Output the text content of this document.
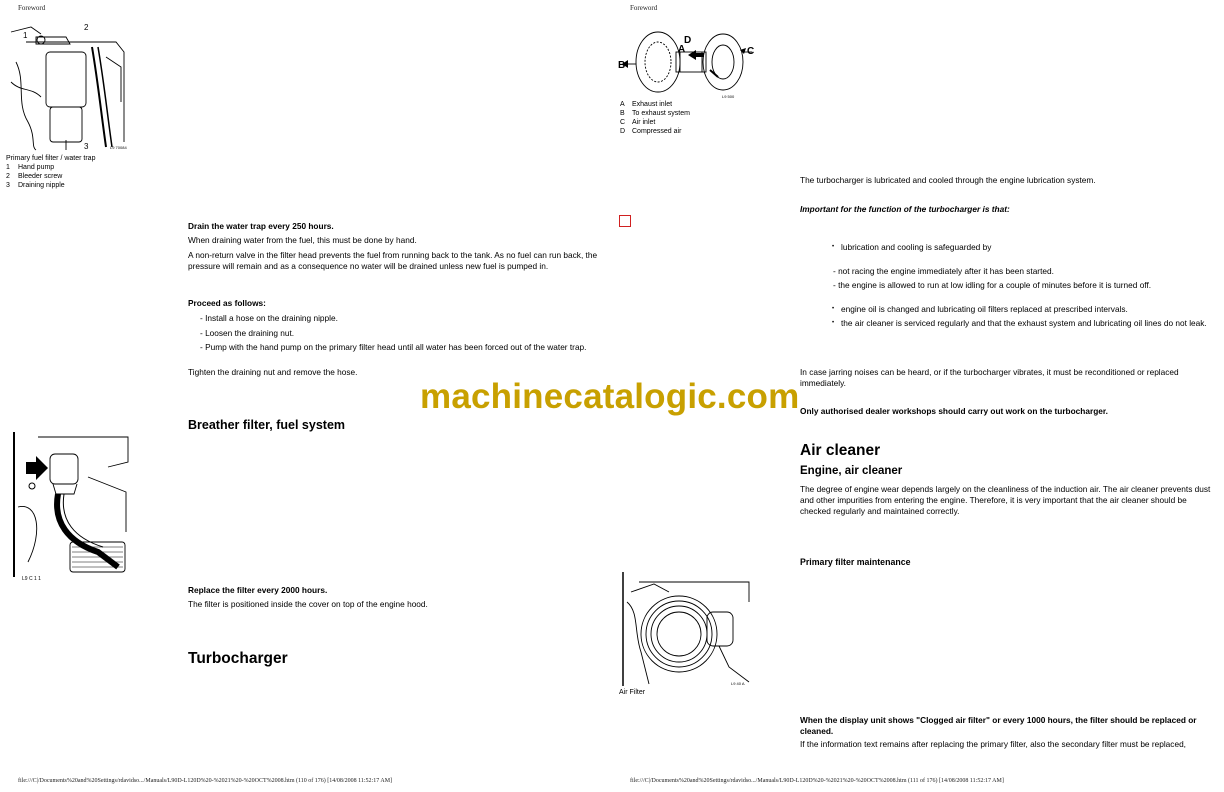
Foreword
1
2
3	L9 70084
Primary fuel filter / water trap
1 Hand pump
2 Bleeder screw
3 Draining nipple
Drain the water trap every 250 hours.
When draining water from the fuel, this must be done by hand.
A non-return valve in the filter head prevents the fuel from running back to the tank. As no fuel can run back, the pressure will remain and as a consequence no water will be drained unless new fuel is pumped in.
Proceed as follows:
- Install a hose on the draining nipple.
- Loosen the draining nut.
- Pump with the hand pump on the primary filter head until all water has been forced out of the water trap.
Tighten the draining nut and remove the hose.
Breather filter, fuel system
L9 C 1 1
Replace the filter every 2000 hours.
The filter is positioned inside the cover on top of the engine hood.
Turbocharger
file:///C|/Documents%20and%20Settings/rdavidso.../Manuals/L90D-L120D%20-%2021%20-%20OCT%2008.htm (110 of 176) [14/08/2008 11:52:17 AM]
Foreword
A
B
C
D
L9 500
A Exhaust inlet
B To exhaust system
C Air inlet
D Compressed air
The turbocharger is lubricated and cooled through the engine lubrication system.
Important for the function of the turbocharger is that:
• lubrication and cooling is safeguarded by
- not racing the engine immediately after it has been started.
- the engine is allowed to run at low idling for a couple of minutes before it is turned off.
• engine oil is changed and lubricating oil filters replaced at prescribed intervals.
• the air cleaner is serviced regularly and that the exhaust system and lubricating oil lines do not leak.
In case jarring noises can be heard, or if the turbocharger vibrates, it must be reconditioned or replaced immediately.
Only authorised dealer workshops should carry out work on the turbocharger.
Air cleaner
Engine, air cleaner
The degree of engine wear depends largely on the cleanliness of the induction air. The air cleaner prevents dust and other impurities from entering the engine. Therefore, it is very important that the air cleaner should be checked regularly and maintained correctly.
Primary filter maintenance
L9 40 A
Air Filter
When the display unit shows "Clogged air filter" or every 1000 hours, the filter should be replaced or cleaned.
If the information text remains after replacing the primary filter, also the secondary filter must be replaced,
file:///C|/Documents%20and%20Settings/rdavidso.../Manuals/L90D-L120D%20-%2021%20-%20OCT%2008.htm (111 of 176) [14/08/2008 11:52:17 AM]
machinecatalogic.com
